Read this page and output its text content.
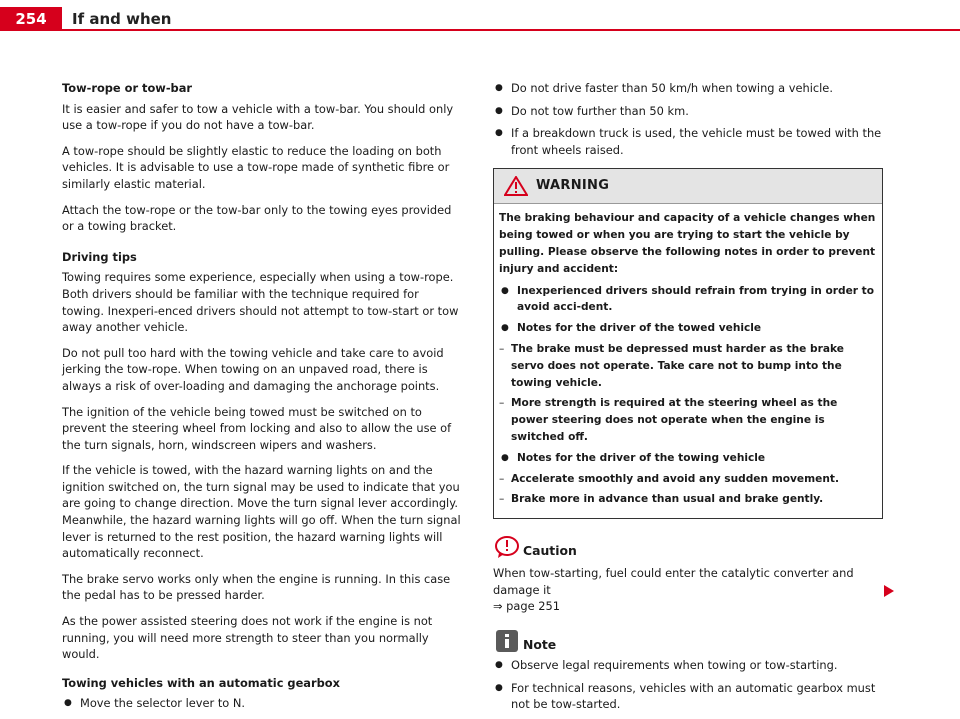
254	If and when
Tow-rope or tow-bar

It is easier and safer to tow a vehicle with a tow-bar. You should only use a tow-rope if you do not have a tow-bar.

A tow-rope should be slightly elastic to reduce the loading on both vehicles. It is advisable to use a tow-rope made of synthetic fibre or similarly elastic material.

Attach the tow-rope or the tow-bar only to the towing eyes provided or a towing bracket.

Driving tips

Towing requires some experience, especially when using a tow-rope. Both drivers should be familiar with the technique required for towing. Inexperi-enced drivers should not attempt to tow-start or tow away another vehicle.

Do not pull too hard with the towing vehicle and take care to avoid jerking the tow-rope. When towing on an unpaved road, there is always a risk of over-loading and damaging the anchorage points.

The ignition of the vehicle being towed must be switched on to prevent the steering wheel from locking and also to allow the use of the turn signals, horn, windscreen wipers and washers.

If the vehicle is towed, with the hazard warning lights on and the ignition switched on, the turn signal may be used to indicate that you are going to change direction. Move the turn signal lever accordingly. Meanwhile, the hazard warning lights will go off. When the turn signal lever is returned to the rest position, the hazard warning lights will automatically reconnect.

The brake servo works only when the engine is running. In this case the pedal has to be pressed harder.

As the power assisted steering does not work if the engine is not running, you will need more strength to steer than you normally would.

Towing vehicles with an automatic gearbox
● Move the selector lever to N.
● Do not drive faster than 50 km/h when towing a vehicle.
● Do not tow further than 50 km.
● If a breakdown truck is used, the vehicle must be towed with the front wheels raised.
WARNING

The braking behaviour and capacity of a vehicle changes when being towed or when you are trying to start the vehicle by pulling. Please observe the following notes in order to prevent injury and accident:

● Inexperienced drivers should refrain from trying in order to avoid acci-dent.
● Notes for the driver of the towed vehicle
– The brake must be depressed must harder as the brake servo does not operate. Take care not to bump into the towing vehicle.
– More strength is required at the steering wheel as the power steering does not operate when the engine is switched off.
● Notes for the driver of the towing vehicle
– Accelerate smoothly and avoid any sudden movement.
– Brake more in advance than usual and brake gently.
Caution

When tow-starting, fuel could enter the catalytic converter and damage it
⇒ page 251

Note
● Observe legal requirements when towing or tow-starting.
● For technical reasons, vehicles with an automatic gearbox must not be tow-started.
